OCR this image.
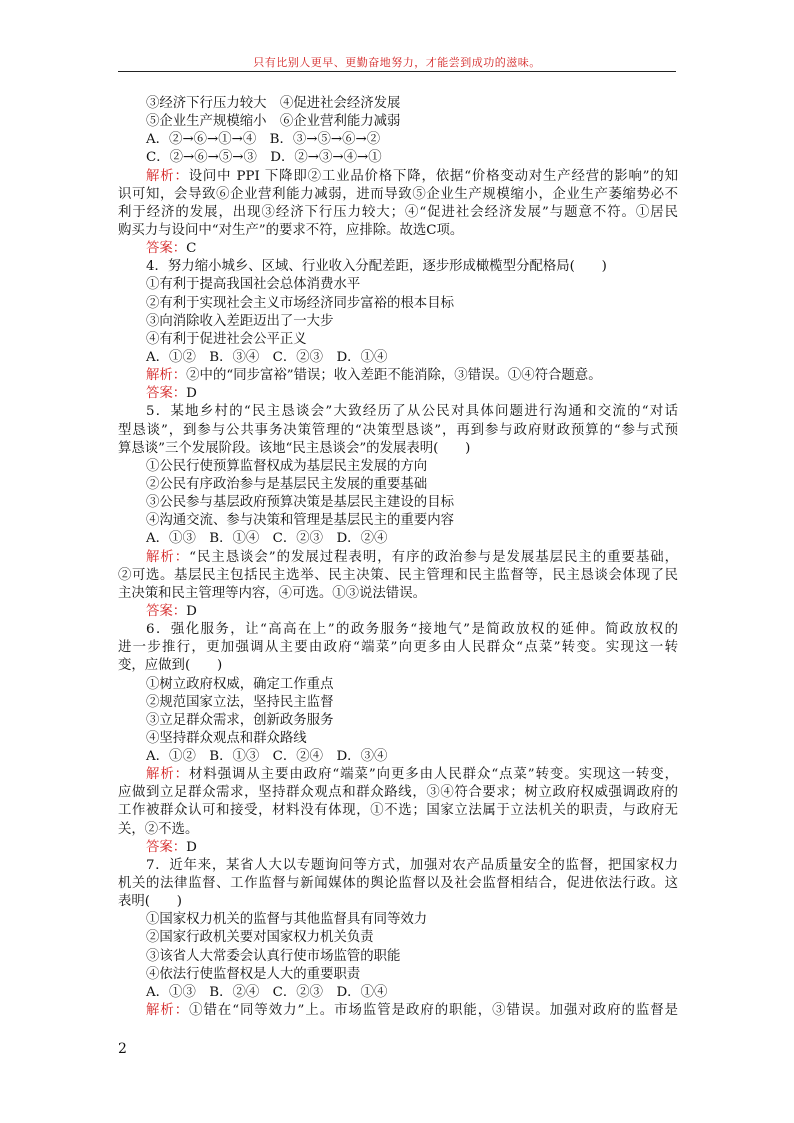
只有比别人更早、更勤奋地努力，才能尝到成功的滋味。
③经济下行压力较大　④促进社会经济发展
⑤企业生产规模缩小　⑥企业营利能力减弱
A．②→⑥→①→④　B．③→⑤→⑥→②
C．②→⑥→⑤→③　D．②→③→④→①
解析：设问中 PPI 下降即②工业品价格下降，依据“价格变动对生产经营的影响”的知
识可知，会导致⑥企业营利能力减弱，进而导致⑤企业生产规模缩小，企业生产萎缩势必不
利于经济的发展，出现③经济下行压力较大；④“促进社会经济发展”与题意不符。①居民
购买力与设问中“对生产”的要求不符，应排除。故选C项。
答案：C
4．努力缩小城乡、区域、行业收入分配差距，逐步形成橄榄型分配格局(　　)
①有利于提高我国社会总体消费水平
②有利于实现社会主义市场经济同步富裕的根本目标
③向消除收入差距迈出了一大步
④有利于促进社会公平正义
A．①②　B．③④　C．②③　D．①④
解析：②中的“同步富裕”错误；收入差距不能消除，③错误。①④符合题意。
答案：D
5．某地乡村的“民主恳谈会”大致经历了从公民对具体问题进行沟通和交流的“对话
型恳谈”，到参与公共事务决策管理的“决策型恳谈”，再到参与政府财政预算的“参与式预
算恳谈”三个发展阶段。该地“民主恳谈会”的发展表明(　　)
①公民行使预算监督权成为基层民主发展的方向
②公民有序政治参与是基层民主发展的重要基础
③公民参与基层政府预算决策是基层民主建设的目标
④沟通交流、参与决策和管理是基层民主的重要内容
A．①③　B．①④　C．②③　D．②④
解析：“民主恳谈会”的发展过程表明，有序的政治参与是发展基层民主的重要基础，
②可选。基层民主包括民主选举、民主决策、民主管理和民主监督等，民主恳谈会体现了民
主决策和民主管理等内容，④可选。①③说法错误。
答案：D
6．强化服务，让“高高在上”的政务服务“接地气”是简政放权的延伸。简政放权的
进一步推行，更加强调从主要由政府“端菜”向更多由人民群众“点菜”转变。实现这一转
变，应做到(　　)
①树立政府权威，确定工作重点
②规范国家立法，坚持民主监督
③立足群众需求，创新政务服务
④坚持群众观点和群众路线
A．①②　B．①③　C．②④　D．③④
解析：材料强调从主要由政府“端菜”向更多由人民群众“点菜”转变。实现这一转变，
应做到立足群众需求，坚持群众观点和群众路线，③④符合要求；树立政府权威强调政府的
工作被群众认可和接受，材料没有体现，①不选；国家立法属于立法机关的职责，与政府无
关，②不选。
答案：D
7．近年来，某省人大以专题询问等方式，加强对农产品质量安全的监督，把国家权力
机关的法律监督、工作监督与新闻媒体的舆论监督以及社会监督相结合，促进依法行政。这
表明(　　)
①国家权力机关的监督与其他监督具有同等效力
②国家行政机关要对国家权力机关负责
③该省人大常委会认真行使市场监管的职能
④依法行使监督权是人大的重要职责
A．①③　B．②④　C．②③　D．①④
解析：①错在“同等效力”上。市场监管是政府的职能，③错误。加强对政府的监督是
2
